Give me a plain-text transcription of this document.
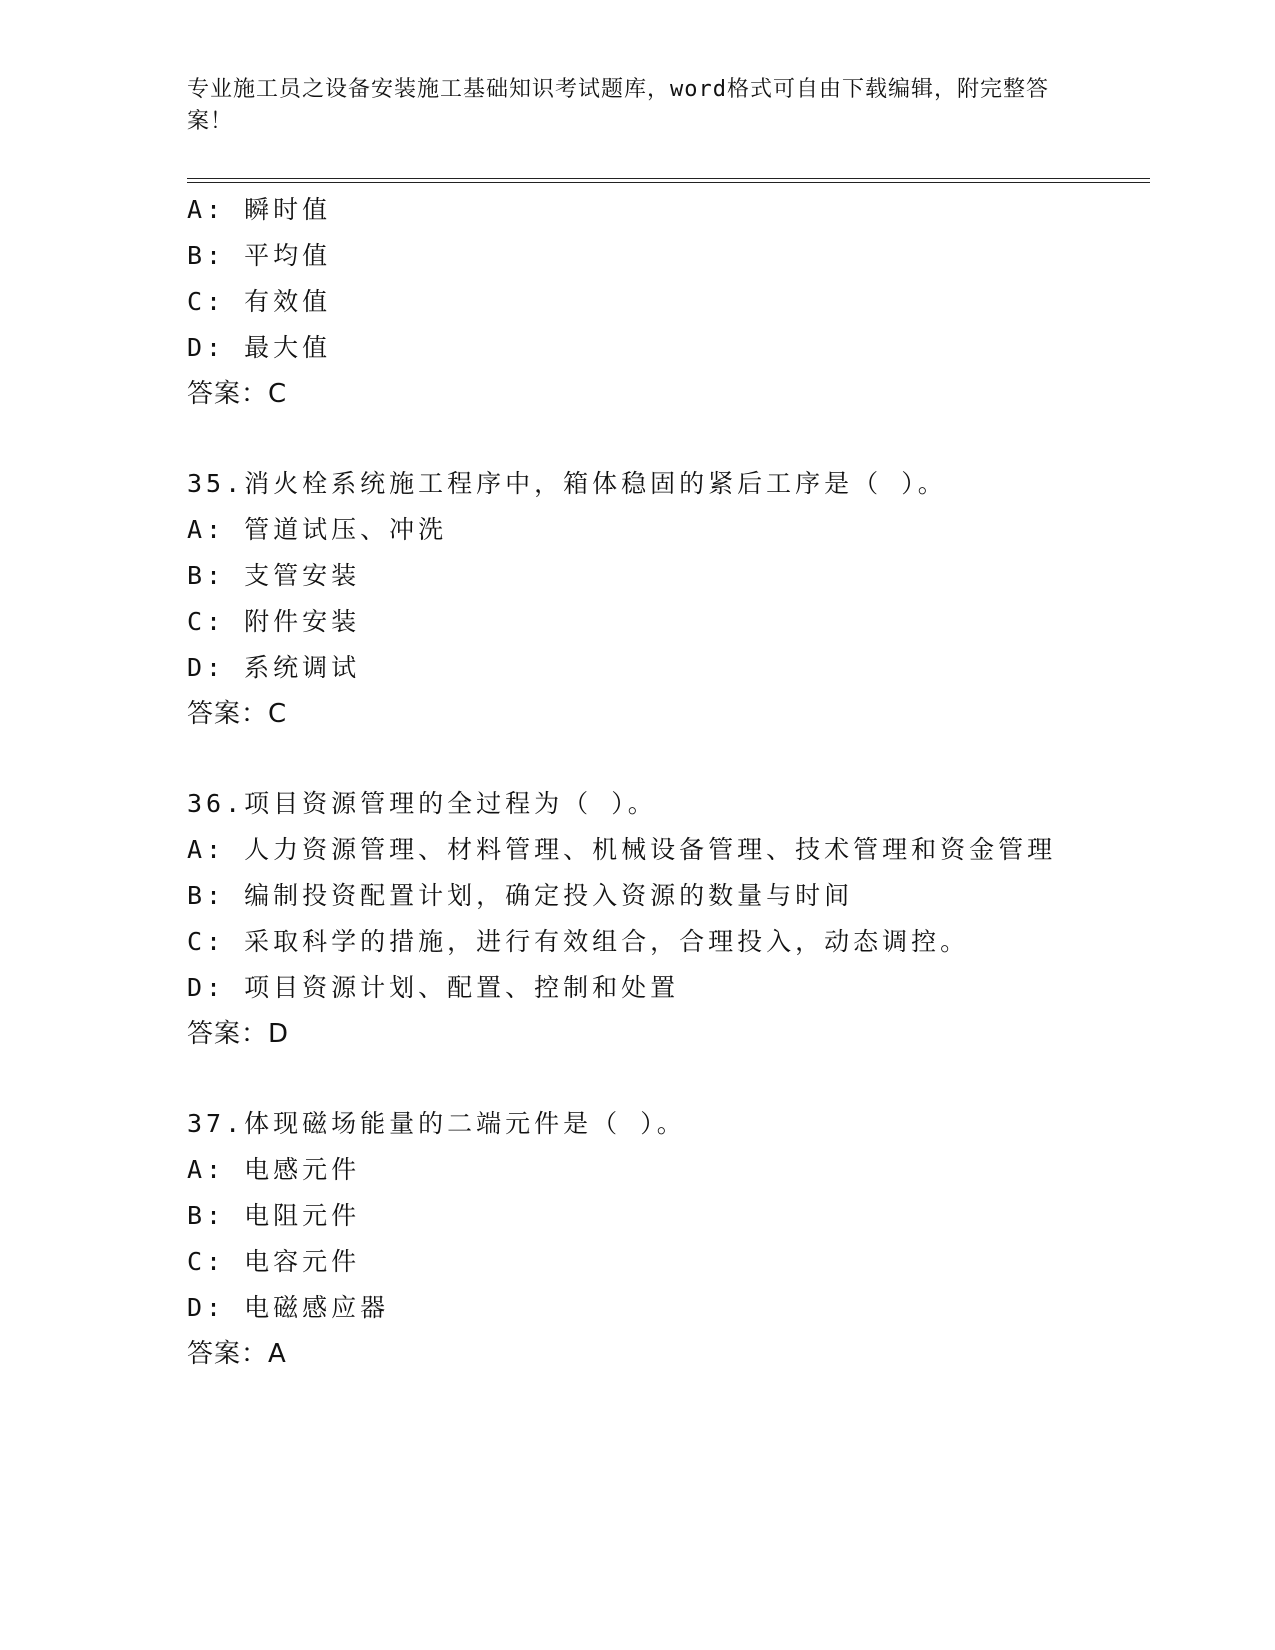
专业施工员之设备安装施工基础知识考试题库，word格式可自由下载编辑，附完整答案！
A: 瞬时值
B: 平均值
C: 有效值
D: 最大值
答案：C
35.消火栓系统施工程序中，箱体稳固的紧后工序是（ ）。
A: 管道试压、冲洗
B: 支管安装
C: 附件安装
D: 系统调试
答案：C
36.项目资源管理的全过程为（ ）。
A: 人力资源管理、材料管理、机械设备管理、技术管理和资金管理
B: 编制投资配置计划，确定投入资源的数量与时间
C: 采取科学的措施，进行有效组合，合理投入，动态调控。
D: 项目资源计划、配置、控制和处置
答案：D
37.体现磁场能量的二端元件是（ ）。
A: 电感元件
B: 电阻元件
C: 电容元件
D: 电磁感应器
答案：A
